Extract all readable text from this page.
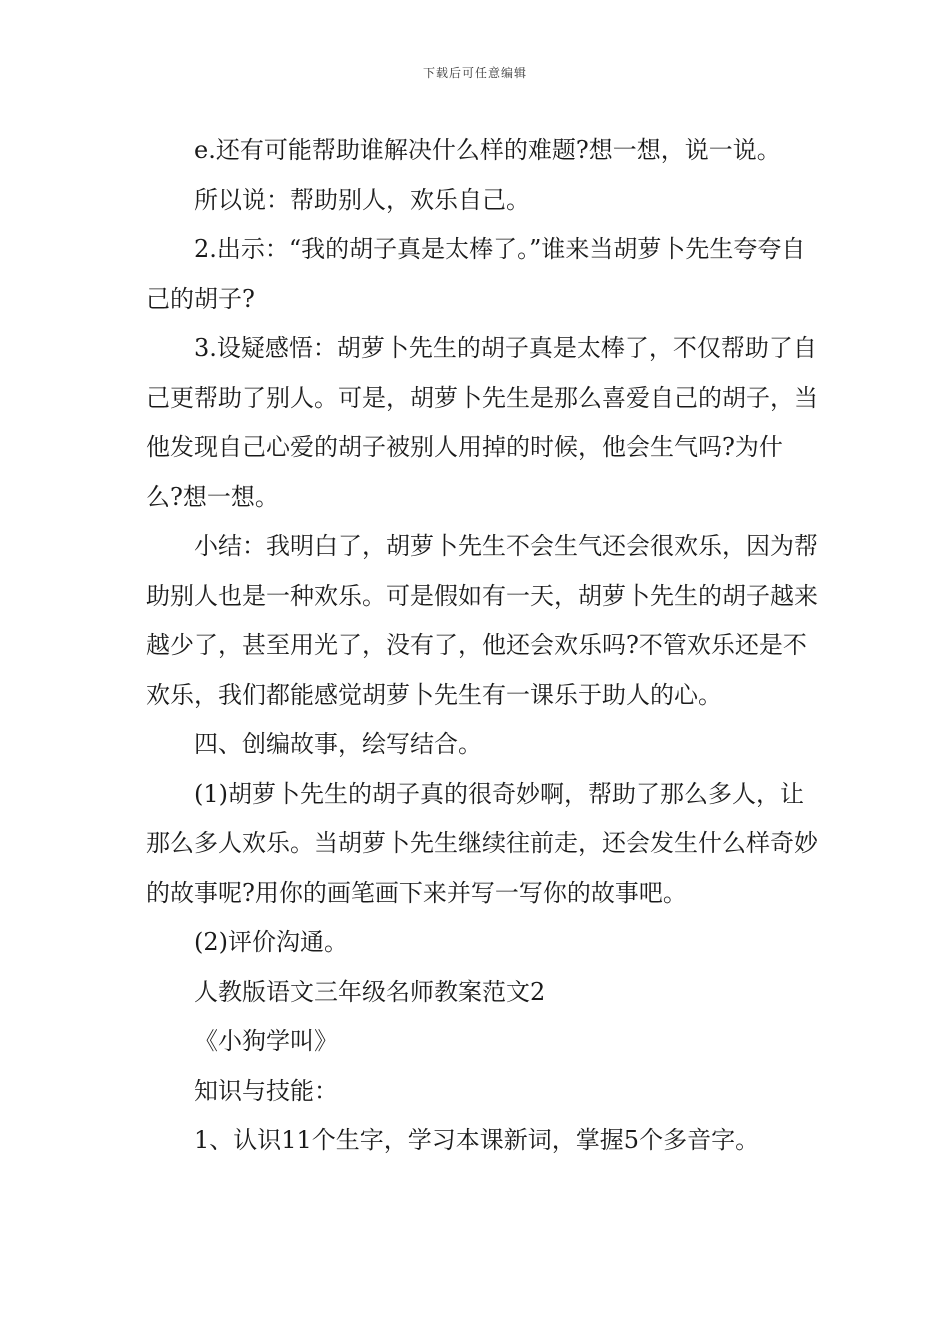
下载后可任意编辑

e.还有可能帮助谁解决什么样的难题?想一想，说一说。

所以说：帮助别人，欢乐自己。

2.出示：“我的胡子真是太棒了。”谁来当胡萝卜先生夸夸自己的胡子?

3.设疑感悟：胡萝卜先生的胡子真是太棒了，不仅帮助了自己更帮助了别人。可是，胡萝卜先生是那么喜爱自己的胡子，当他发现自己心爱的胡子被别人用掉的时候，他会生气吗?为什么?想一想。

小结：我明白了，胡萝卜先生不会生气还会很欢乐，因为帮助别人也是一种欢乐。可是假如有一天，胡萝卜先生的胡子越来越少了，甚至用光了，没有了，他还会欢乐吗?不管欢乐还是不欢乐，我们都能感觉胡萝卜先生有一课乐于助人的心。

四、创编故事，绘写结合。

(1)胡萝卜先生的胡子真的很奇妙啊，帮助了那么多人，让那么多人欢乐。当胡萝卜先生继续往前走，还会发生什么样奇妙的故事呢?用你的画笔画下来并写一写你的故事吧。

(2)评价沟通。

人教版语文三年级名师教案范文2

《小狗学叫》

知识与技能：

1、认识11个生字，学习本课新词，掌握5个多音字。
